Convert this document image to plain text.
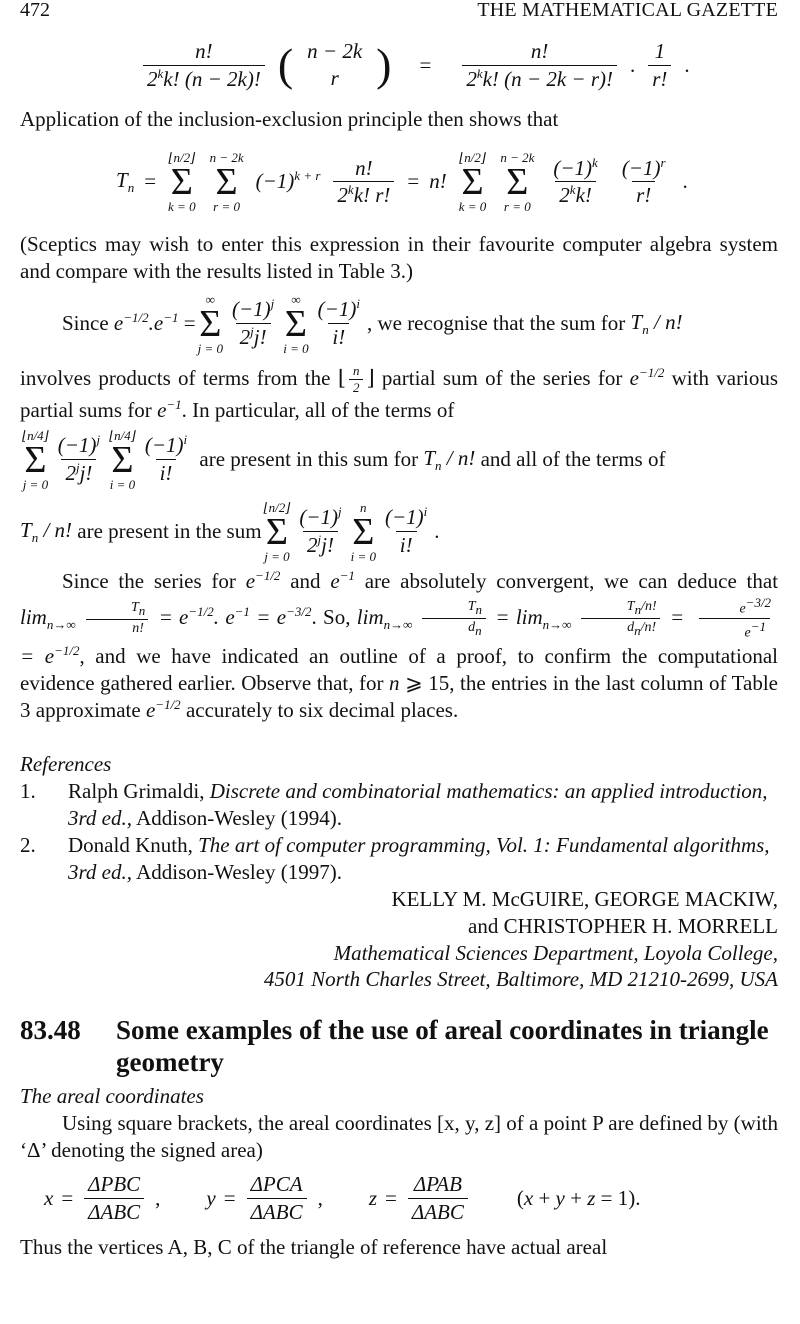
472	THE MATHEMATICAL GAZETTE
$\frac{n!}{2^kk! (n - 2k)!}$ ( n − 2k
r ) = $\frac{n!}{2^kk! (n - 2k - r)!}$ . $\frac{1}{r!}$ .

Application of the inclusion-exclusion principle then shows that

$T_n$ =
⌊n/2⌋
Σ
k = 0
n − 2k
Σ
r = 0
$(-1)^{k + r} \frac{n!}{2^kk! r!} = n$!
⌊n/2⌋
Σ
k = 0
n − 2k
Σ
$r = 0 \frac{(-1)^k}{2^kk!} \frac{(-1)^r}{r!}$ .

(Sceptics may wish to enter this expression in their favourite computer algebra system and compare with the results listed in Table 3.)

Since
$e^{-1/2}.e^{-1}$ =
∞
Σ
$j = 0 \frac{(-1)^j}{2^jj!}$ ∞
Σ
$i = 0 \frac{(-1)^i}{i!}$ , we recognise that the sum for
$T_n$ / n!

involves products of terms from the ⌊ $\frac{n}{2}$ ⌋ partial sum of the series for $e^{-1/2}$ with various partial sums for $e^{-1}$. In particular, all of the terms of

⌊n/4⌋
Σ
$j = 0 \frac{(-1)^j}{2^jj!}$ ⌊n/4⌋
Σ
$i = 0 \frac{(-1)^i}{i!}$
are present in this sum for
$T_n$ / n!
and all of the terms of
$T_n$ / n!
are present in the sum
⌊n/2⌋
Σ
$j = 0 \frac{(-1)^j}{2^jj!}$ n
Σ
$i = 0 \frac{(-1)^i}{i!}$ .

Since the series for $e^{-1/2}$ and $e^{-1}$ are absolutely convergent, we can deduce that $\lim_{n\to\infty} \frac{T_n}{n!} = e^{-1/2}$. $e^{-1} = e^{-3/2}$. So, $\lim_{n\to\infty} \frac{T_n}{d_n} = \lim_{n\to\infty} \frac{T_n/n!}{d_n/n!} = \frac{e^{-3/2}}{e^{-1}}$
= $e^{-1/2}$, and we have indicated an outline of a proof, to confirm the computational evidence gathered earlier. Observe that, for n ⩾ 15, the entries in the last column of Table 3 approximate $e^{-1/2}$ accurately to six decimal places.

References
1.	Ralph Grimaldi, Discrete and combinatorial mathematics: an applied introduction, 3rd ed., Addison-Wesley (1994).
2.	Donald Knuth, The art of computer programming, Vol. 1: Fundamental algorithms, 3rd ed., Addison-Wesley (1997).
KELLY M. McGUIRE, GEORGE MACKIW,
and CHRISTOPHER H. MORRELL
Mathematical Sciences Department, Loyola College,
4501 North Charles Street, Baltimore, MD 21210-2699, USA
83.48	Some examples of the use of areal coordinates in triangle geometry
The areal coordinates

Using square brackets, the areal coordinates [x, y, z] of a point P are defined by (with ‘Δ’ denoting the signed area)

$x = \frac{\text{ΔPBC}}{\text{ΔABC}}$ , $y = \frac{\text{ΔPCA}}{\text{ΔABC}}$ , $z = \frac{\text{ΔPAB}}{\text{ΔABC}} (x + y + z = 1)$.

Thus the vertices A, B, C of the triangle of reference have actual areal
